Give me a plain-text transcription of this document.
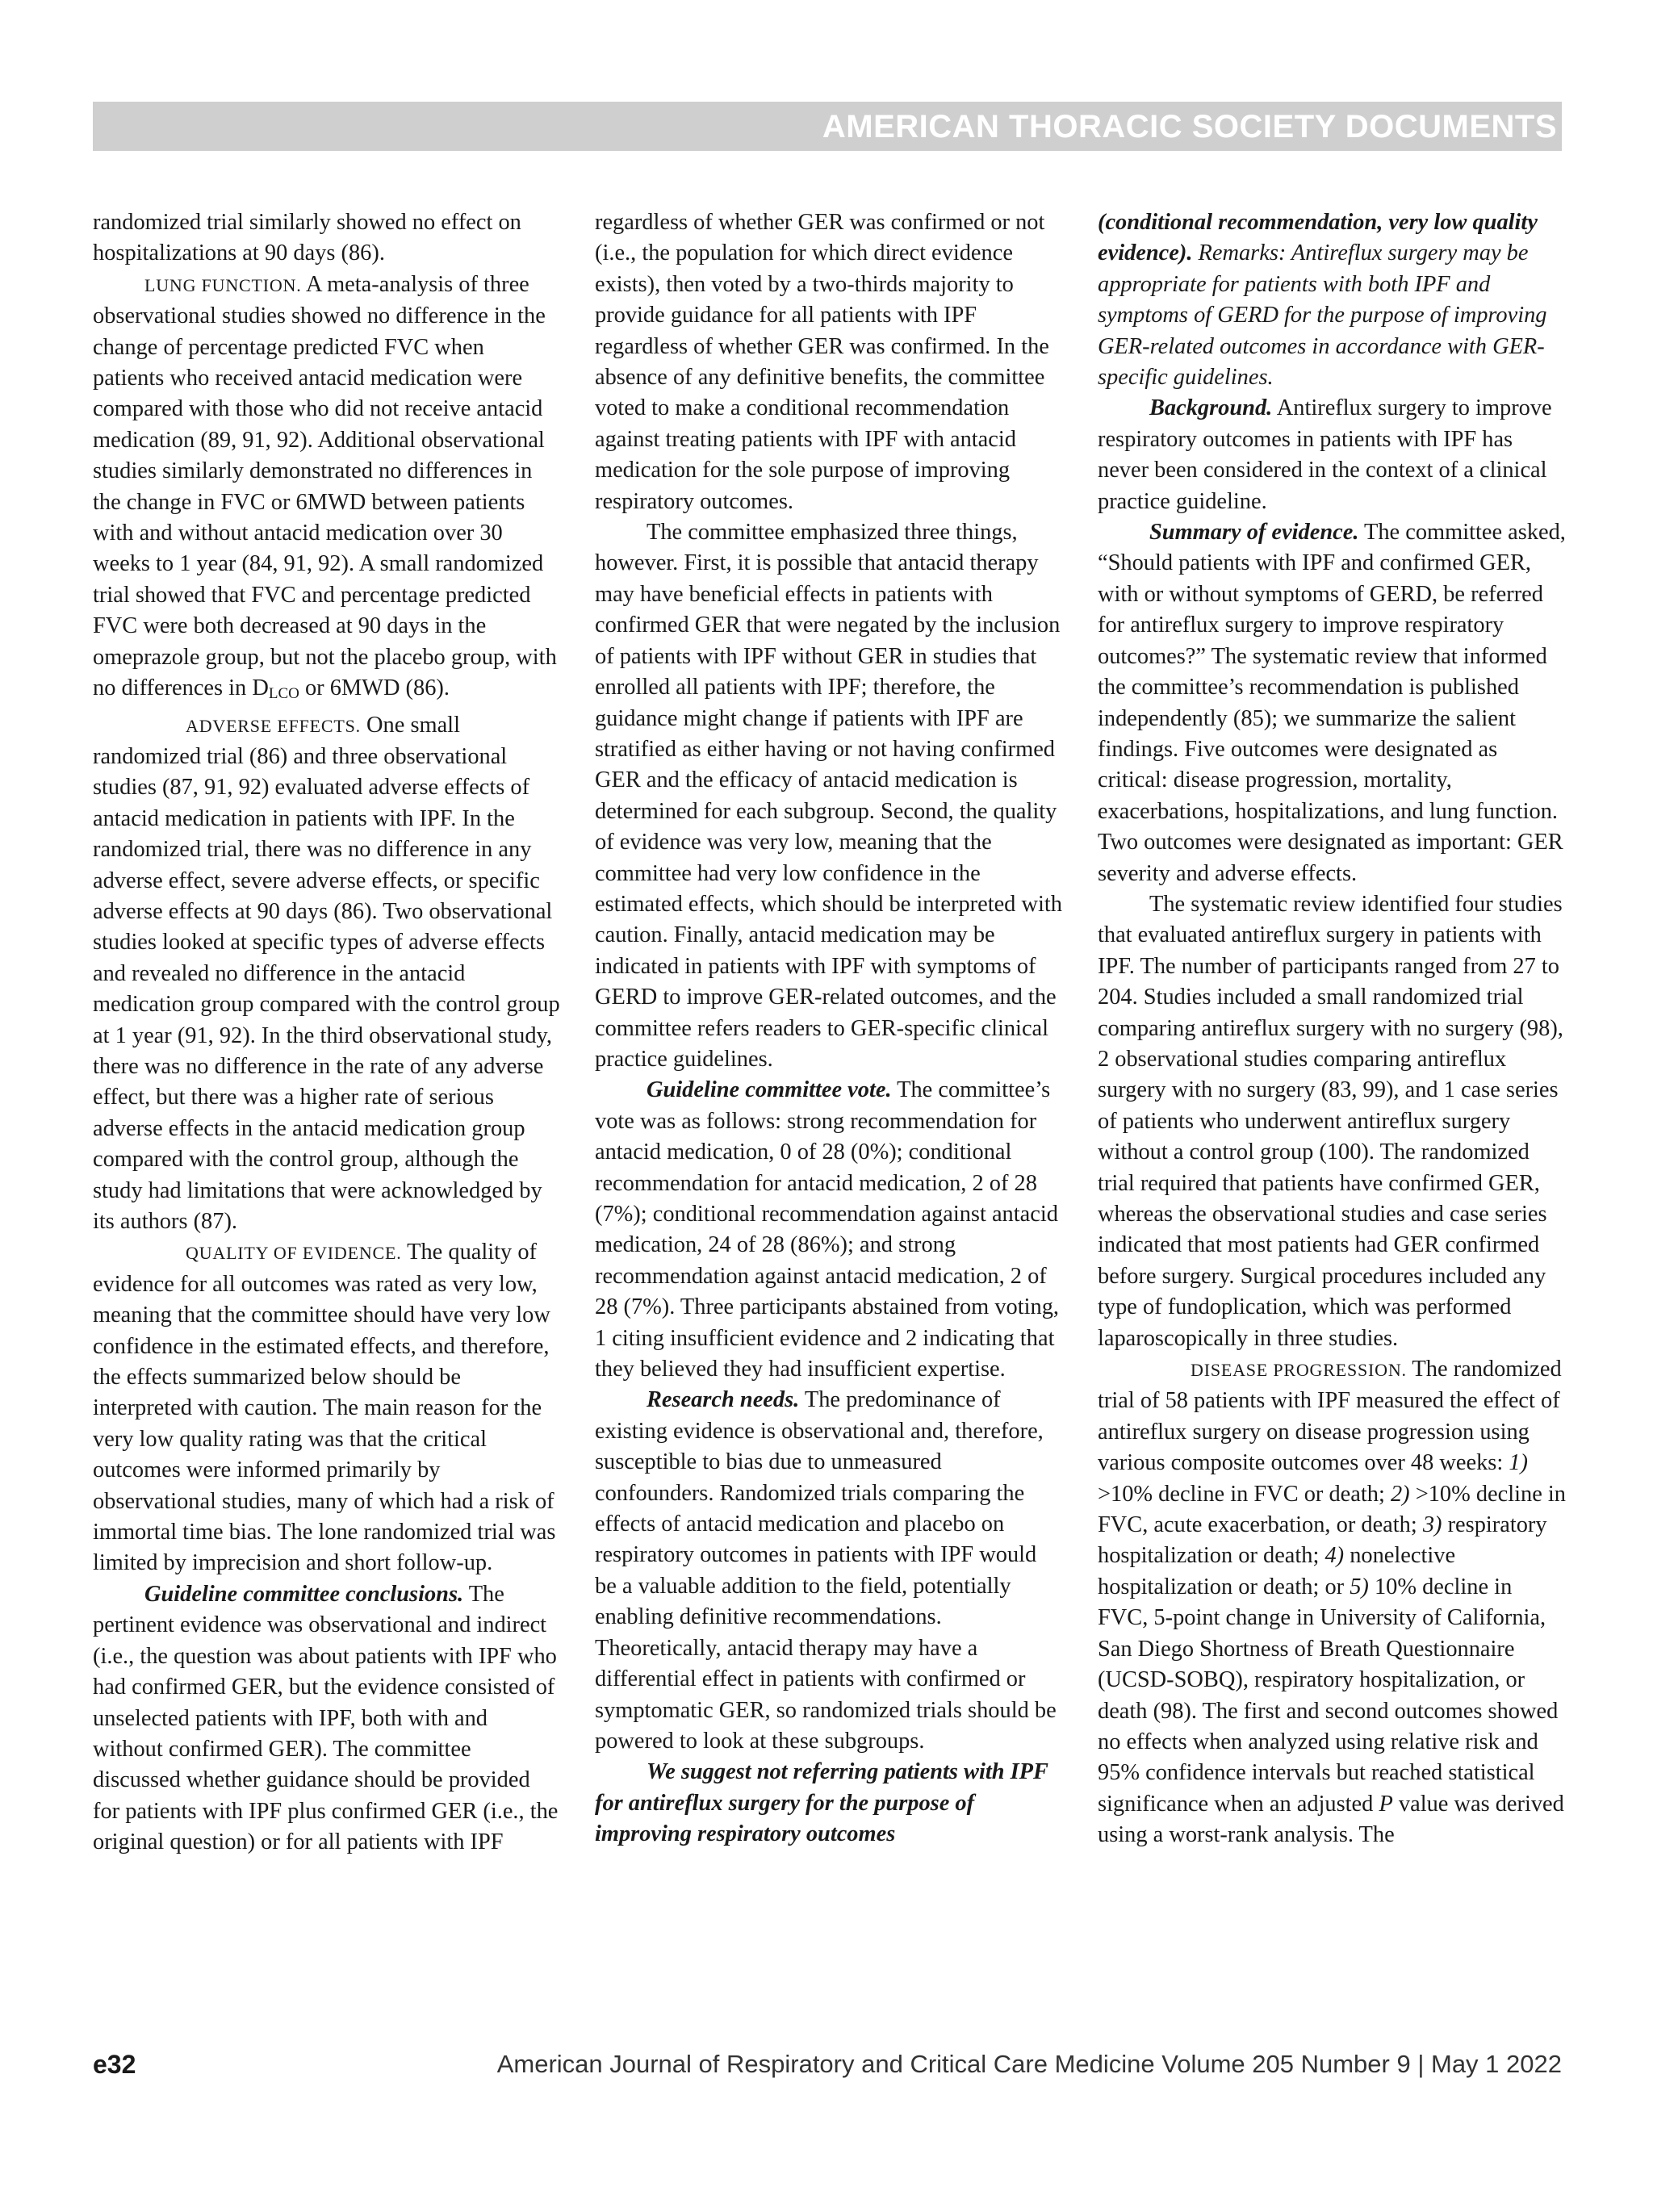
AMERICAN THORACIC SOCIETY DOCUMENTS

randomized trial similarly showed no effect on hospitalizations at 90 days (86).

LUNG FUNCTION. A meta-analysis of three observational studies showed no difference in the change of percentage predicted FVC when patients who received antacid medication were compared with those who did not receive antacid medication (89, 91, 92). Additional observational studies similarly demonstrated no differences in the change in FVC or 6MWD between patients with and without antacid medication over 30 weeks to 1 year (84, 91, 92). A small randomized trial showed that FVC and percentage predicted FVC were both decreased at 90 days in the omeprazole group, but not the placebo group, with no differences in $D_{LCO}$ or 6MWD (86).

ADVERSE EFFECTS. One small randomized trial (86) and three observational studies (87, 91, 92) evaluated adverse effects of antacid medication in patients with IPF. In the randomized trial, there was no difference in any adverse effect, severe adverse effects, or specific adverse effects at 90 days (86). Two observational studies looked at specific types of adverse effects and revealed no difference in the antacid medication group compared with the control group at 1 year (91, 92). In the third observational study, there was no difference in the rate of any adverse effect, but there was a higher rate of serious adverse effects in the antacid medication group compared with the control group, although the study had limitations that were acknowledged by its authors (87).

QUALITY OF EVIDENCE. The quality of evidence for all outcomes was rated as very low, meaning that the committee should have very low confidence in the estimated effects, and therefore, the effects summarized below should be interpreted with caution. The main reason for the very low quality rating was that the critical outcomes were informed primarily by observational studies, many of which had a risk of immortal time bias. The lone randomized trial was limited by imprecision and short follow-up.

Guideline committee conclusions. The pertinent evidence was observational and indirect (i.e., the question was about patients with IPF who had confirmed GER, but the evidence consisted of unselected patients with IPF, both with and without confirmed GER). The committee discussed whether guidance should be provided for patients with IPF plus confirmed GER (i.e., the original question) or for all patients with IPF

regardless of whether GER was confirmed or not (i.e., the population for which direct evidence exists), then voted by a two-thirds majority to provide guidance for all patients with IPF regardless of whether GER was confirmed. In the absence of any definitive benefits, the committee voted to make a conditional recommendation against treating patients with IPF with antacid medication for the sole purpose of improving respiratory outcomes.

The committee emphasized three things, however. First, it is possible that antacid therapy may have beneficial effects in patients with confirmed GER that were negated by the inclusion of patients with IPF without GER in studies that enrolled all patients with IPF; therefore, the guidance might change if patients with IPF are stratified as either having or not having confirmed GER and the efficacy of antacid medication is determined for each subgroup. Second, the quality of evidence was very low, meaning that the committee had very low confidence in the estimated effects, which should be interpreted with caution. Finally, antacid medication may be indicated in patients with IPF with symptoms of GERD to improve GER-related outcomes, and the committee refers readers to GER-specific clinical practice guidelines.

Guideline committee vote. The committee’s vote was as follows: strong recommendation for antacid medication, 0 of 28 (0%); conditional recommendation for antacid medication, 2 of 28 (7%); conditional recommendation against antacid medication, 24 of 28 (86%); and strong recommendation against antacid medication, 2 of 28 (7%). Three participants abstained from voting, 1 citing insufficient evidence and 2 indicating that they believed they had insufficient expertise.

Research needs. The predominance of existing evidence is observational and, therefore, susceptible to bias due to unmeasured confounders. Randomized trials comparing the effects of antacid medication and placebo on respiratory outcomes in patients with IPF would be a valuable addition to the field, potentially enabling definitive recommendations. Theoretically, antacid therapy may have a differential effect in patients with confirmed or symptomatic GER, so randomized trials should be powered to look at these subgroups.

We suggest not referring patients with IPF for antireflux surgery for the purpose of improving respiratory outcomes

(conditional recommendation, very low quality evidence). Remarks: Antireflux surgery may be appropriate for patients with both IPF and symptoms of GERD for the purpose of improving GER-related outcomes in accordance with GER-specific guidelines.

Background. Antireflux surgery to improve respiratory outcomes in patients with IPF has never been considered in the context of a clinical practice guideline.

Summary of evidence. The committee asked, “Should patients with IPF and confirmed GER, with or without symptoms of GERD, be referred for antireflux surgery to improve respiratory outcomes?” The systematic review that informed the committee’s recommendation is published independently (85); we summarize the salient findings. Five outcomes were designated as critical: disease progression, mortality, exacerbations, hospitalizations, and lung function. Two outcomes were designated as important: GER severity and adverse effects.

The systematic review identified four studies that evaluated antireflux surgery in patients with IPF. The number of participants ranged from 27 to 204. Studies included a small randomized trial comparing antireflux surgery with no surgery (98), 2 observational studies comparing antireflux surgery with no surgery (83, 99), and 1 case series of patients who underwent antireflux surgery without a control group (100). The randomized trial required that patients have confirmed GER, whereas the observational studies and case series indicated that most patients had GER confirmed before surgery. Surgical procedures included any type of fundoplication, which was performed laparoscopically in three studies.

DISEASE PROGRESSION. The randomized trial of 58 patients with IPF measured the effect of antireflux surgery on disease progression using various composite outcomes over 48 weeks: 1) >10% decline in FVC or death; 2) >10% decline in FVC, acute exacerbation, or death; 3) respiratory hospitalization or death; 4) nonelective hospitalization or death; or 5) 10% decline in FVC, 5-point change in University of California, San Diego Shortness of Breath Questionnaire (UCSD-SOBQ), respiratory hospitalization, or death (98). The first and second outcomes showed no effects when analyzed using relative risk and 95% confidence intervals but reached statistical significance when an adjusted P value was derived using a worst-rank analysis. The

e32	American Journal of Respiratory and Critical Care Medicine Volume 205 Number 9 | May 1 2022
